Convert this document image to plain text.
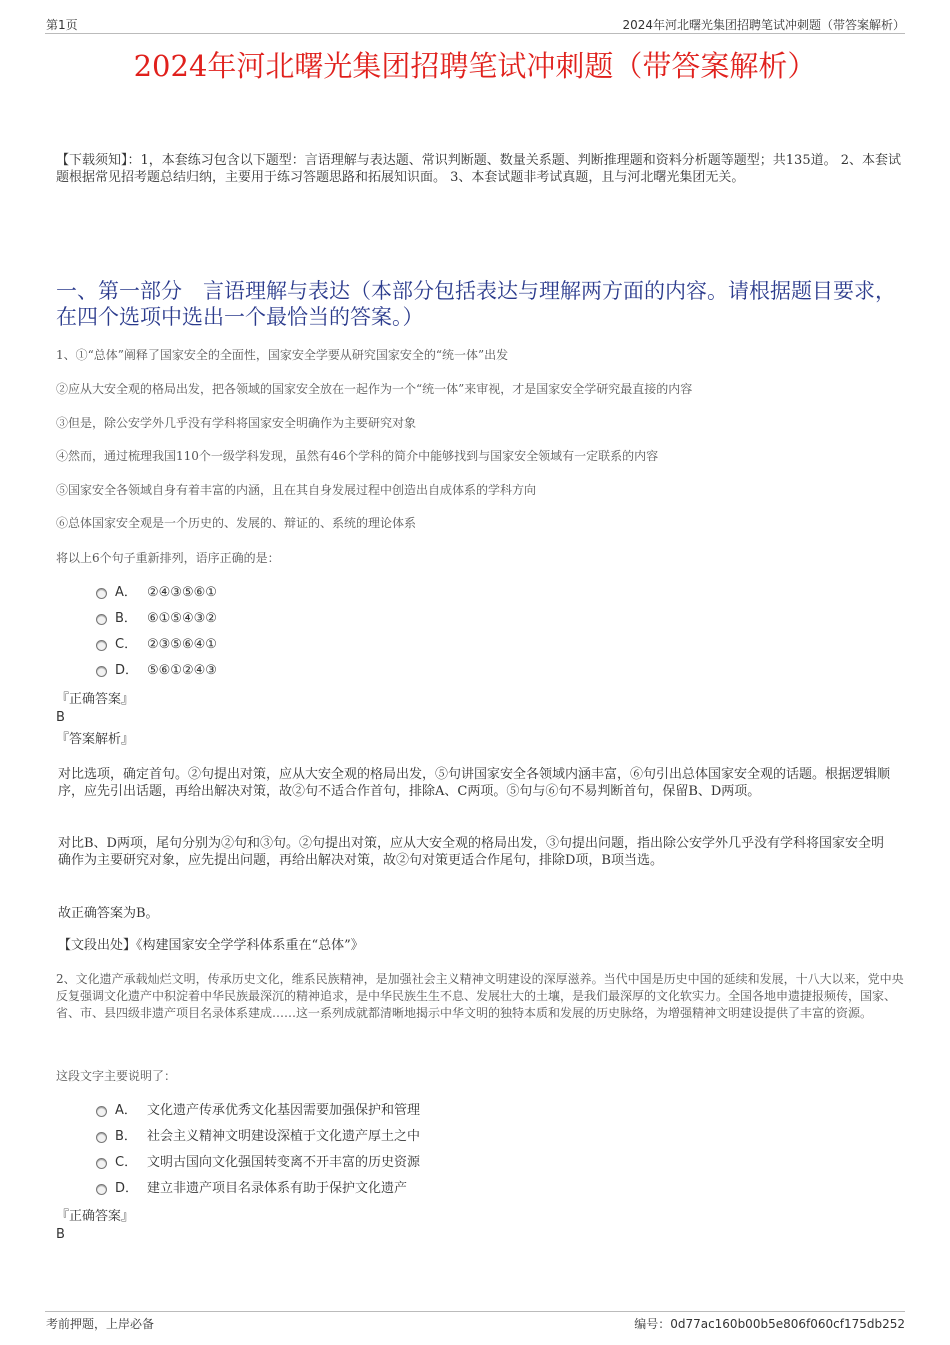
第1页	2024年河北曙光集团招聘笔试冲刺题（带答案解析）
2024年河北曙光集团招聘笔试冲刺题（带答案解析）
【下载须知】：1，本套练习包含以下题型：言语理解与表达题、常识判断题、数量关系题、判断推理题和资料分析题等题型；共135道。 2、本套试题根据常见招考题总结归纳，主要用于练习答题思路和拓展知识面。 3、本套试题非考试真题，且与河北曙光集团无关。
一、第一部分　言语理解与表达（本部分包括表达与理解两方面的内容。请根据题目要求，在四个选项中选出一个最恰当的答案。）
1、①“总体”阐释了国家安全的全面性，国家安全学要从研究国家安全的“统一体”出发
②应从大安全观的格局出发，把各领域的国家安全放在一起作为一个“统一体”来审视，才是国家安全学研究最直接的内容
③但是，除公安学外几乎没有学科将国家安全明确作为主要研究对象
④然而，通过梳理我国110个一级学科发现，虽然有46个学科的简介中能够找到与国家安全领域有一定联系的内容
⑤国家安全各领域自身有着丰富的内涵，且在其自身发展过程中创造出自成体系的学科方向
⑥总体国家安全观是一个历史的、发展的、辩证的、系统的理论体系
将以上6个句子重新排列，语序正确的是：
A． ②④③⑤⑥①
B． ⑥①⑤④③②
C． ②③⑤⑥④①
D． ⑤⑥①②④③
『正确答案』
B
『答案解析』
对比选项，确定首句。②句提出对策，应从大安全观的格局出发，⑤句讲国家安全各领域内涵丰富，⑥句引出总体国家安全观的话题。根据逻辑顺序，应先引出话题，再给出解决对策，故②句不适合作首句，排除A、C两项。⑤句与⑥句不易判断首句，保留B、D两项。
对比B、D两项，尾句分别为②句和③句。②句提出对策，应从大安全观的格局出发，③句提出问题，指出除公安学外几乎没有学科将国家安全明确作为主要研究对象，应先提出问题，再给出解决对策，故②句对策更适合作尾句，排除D项，B项当选。
故正确答案为B。
【文段出处】《构建国家安全学学科体系重在“总体”》
2、文化遗产承载灿烂文明，传承历史文化，维系民族精神，是加强社会主义精神文明建设的深厚滋养。当代中国是历史中国的延续和发展，十八大以来，党中央反复强调文化遗产中积淀着中华民族最深沉的精神追求，是中华民族生生不息、发展壮大的土壤，是我们最深厚的文化软实力。全国各地申遗捷报频传，国家、省、市、县四级非遗产项目名录体系建成……这一系列成就都清晰地揭示中华文明的独特本质和发展的历史脉络，为增强精神文明建设提供了丰富的资源。
这段文字主要说明了：
A． 文化遗产传承优秀文化基因需要加强保护和管理
B． 社会主义精神文明建设深植于文化遗产厚土之中
C． 文明古国向文化强国转变离不开丰富的历史资源
D． 建立非遗产项目名录体系有助于保护文化遗产
『正确答案』
B
考前押题，上岸必备	编号：0d77ac160b00b5e806f060cf175db252
